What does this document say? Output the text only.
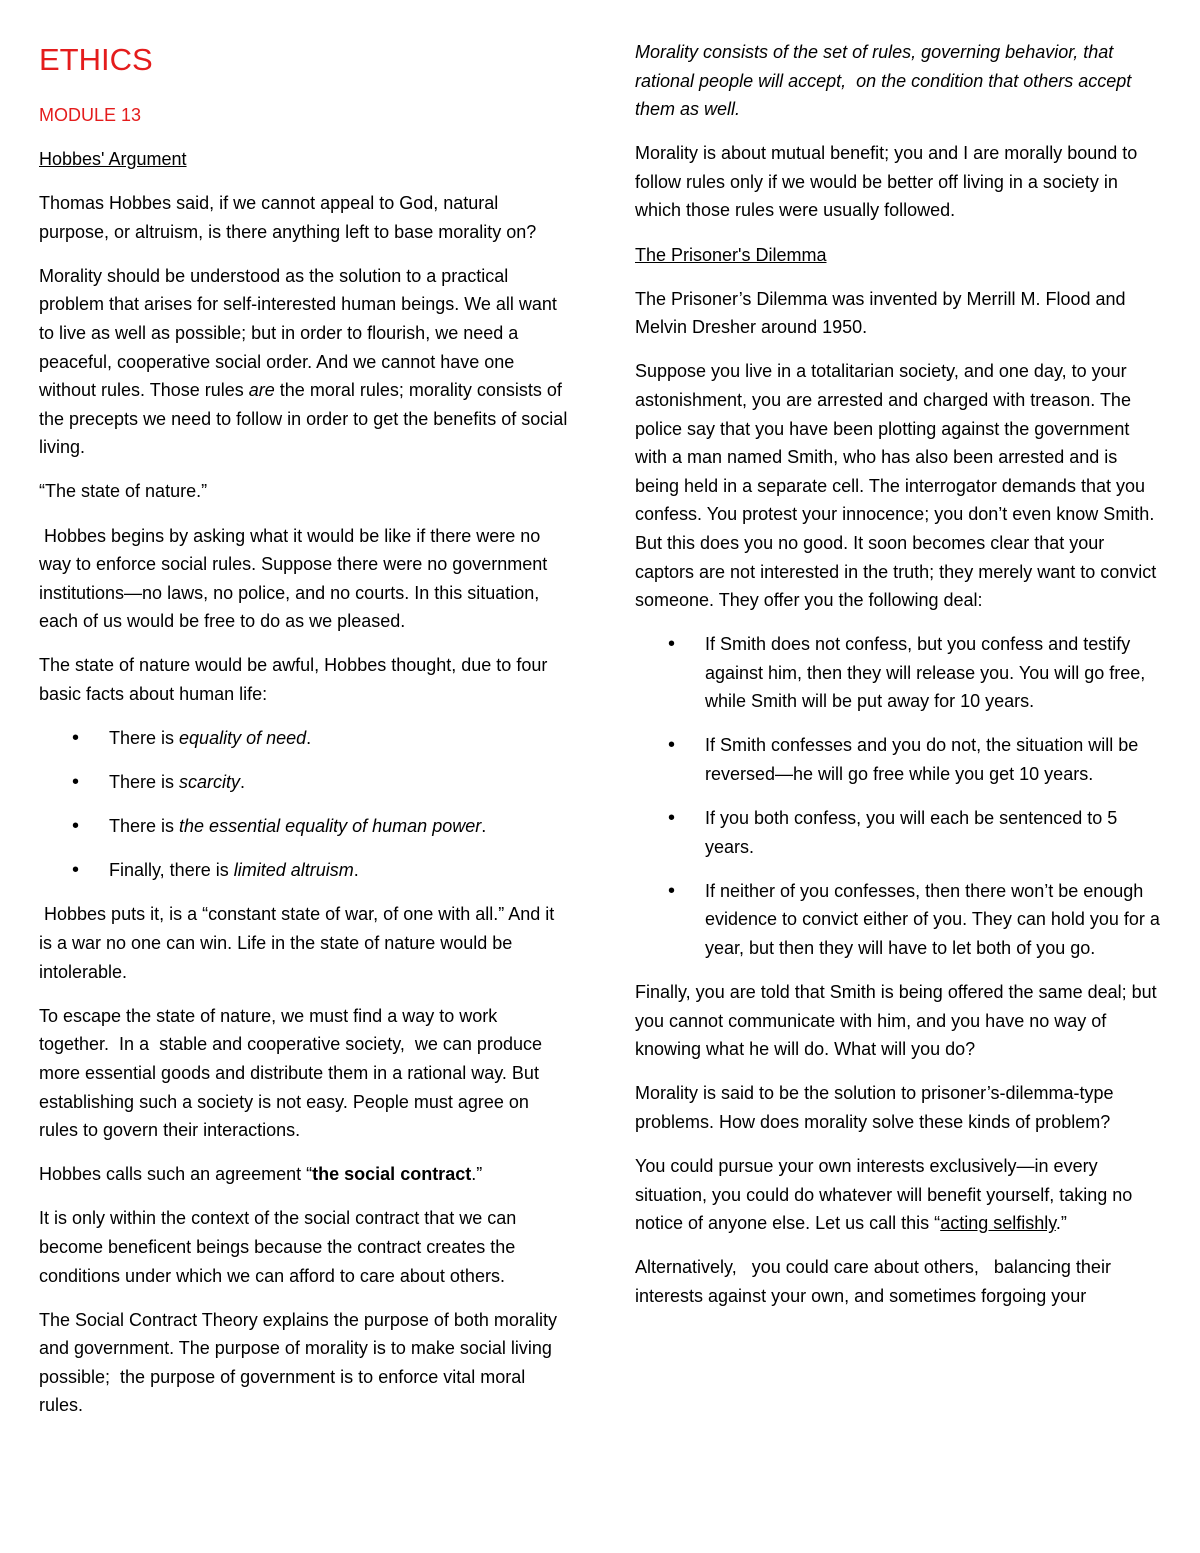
ETHICS

MODULE 13

Hobbes' Argument

Thomas Hobbes said, if we cannot appeal to God, natural purpose, or altruism, is there anything left to base morality on?

Morality should be understood as the solution to a practical problem that arises for self-interested human beings. We all want to live as well as possible; but in order to flourish, we need a peaceful, cooperative social order. And we cannot have one without rules. Those rules are the moral rules; morality consists of the precepts we need to follow in order to get the benefits of social living.

“The state of nature.”

Hobbes begins by asking what it would be like if there were no way to enforce social rules. Suppose there were no government institutions—no laws, no police, and no courts. In this situation,  each of us would be free to do as we pleased.

The state of nature would be awful, Hobbes thought, due to four basic facts about human life:

• There is equality of need.
• There is scarcity.
• There is the essential equality of human power.
• Finally, there is limited altruism.

Hobbes puts it, is a “constant state of war, of one with all.” And it is a war no one can win. Life in the state of nature would be intolerable.

To escape the state of nature, we must find a way to work together.  In a  stable and cooperative society,  we can produce more essential goods and distribute them in a rational way. But establishing such a society is not easy. People must agree on rules to govern their interactions.

Hobbes calls such an agreement “the social contract.”

It is only within the context of the social contract that we can become beneficent beings because the contract creates the conditions under which we can afford to care about others.

The Social Contract Theory explains the purpose of both morality and government. The purpose of morality is to make social living possible;  the purpose of government is to enforce vital moral rules.

Morality consists of the set of rules, governing behavior, that rational people will accept,  on the condition that others accept them as well.

Morality is about mutual benefit; you and I are morally bound to follow rules only if we would be better off living in a society in which those rules were usually followed.

The Prisoner's Dilemma

The Prisoner’s Dilemma was invented by Merrill M. Flood and Melvin Dresher around 1950.

Suppose you live in a totalitarian society, and one day, to your astonishment, you are arrested and charged with treason. The police say that you have been plotting against the government
with a man named Smith, who has also been arrested and is being held in a separate cell. The interrogator demands that you confess. You protest your innocence; you don’t even know Smith. But this does you no good. It soon becomes clear that your captors are not interested in the truth; they merely want to convict someone. They offer you the following deal:

• If Smith does not confess, but you confess and testify against him, then they will release you. You will go free, while Smith will be put away for 10 years.
• If Smith confesses and you do not, the situation will be reversed—he will go free while you get 10 years.
• If you both confess, you will each be sentenced to 5 years.
• If neither of you confesses, then there won’t be enough evidence to convict either of you. They can hold you for a year, but then they will have to let both of you go.

Finally, you are told that Smith is being offered the same deal; but you cannot communicate with him, and you have no way of knowing what he will do. What will you do?

Morality is said to be the solution to prisoner’s-dilemma-type problems. How does morality solve these kinds of problem?

You could pursue your own interests exclusively—in every situation, you could do whatever will benefit yourself, taking no notice of anyone else. Let us call this “acting selfishly.”

Alternatively,   you could care about others,   balancing their interests against your own, and sometimes forgoing your
